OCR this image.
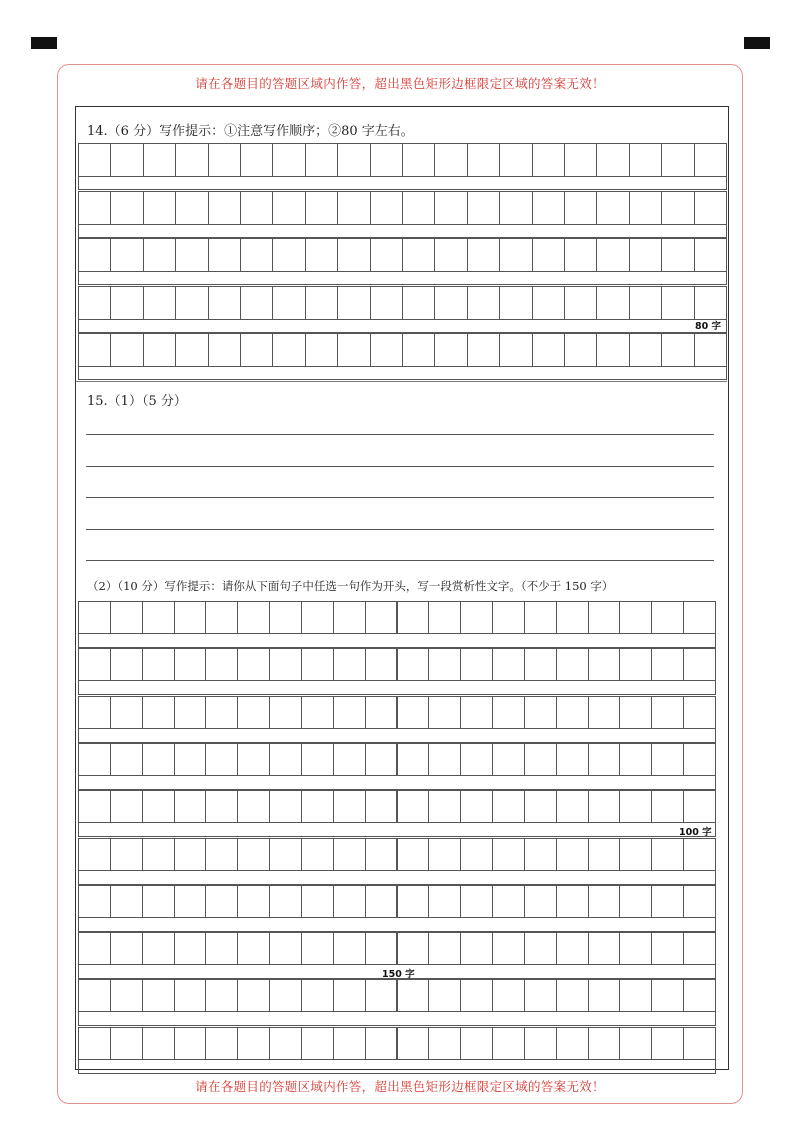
请在各题目的答题区域内作答，超出黑色矩形边框限定区域的答案无效！
请在各题目的答题区域内作答，超出黑色矩形边框限定区域的答案无效！
14.（6 分）写作提示：①注意写作顺序；②80 字左右。
80 字
15.（1）（5 分）
（2）（10 分）写作提示：请你从下面句子中任选一句作为开头，写一段赏析性文字。（不少于 150 字）
100 字
150 字
